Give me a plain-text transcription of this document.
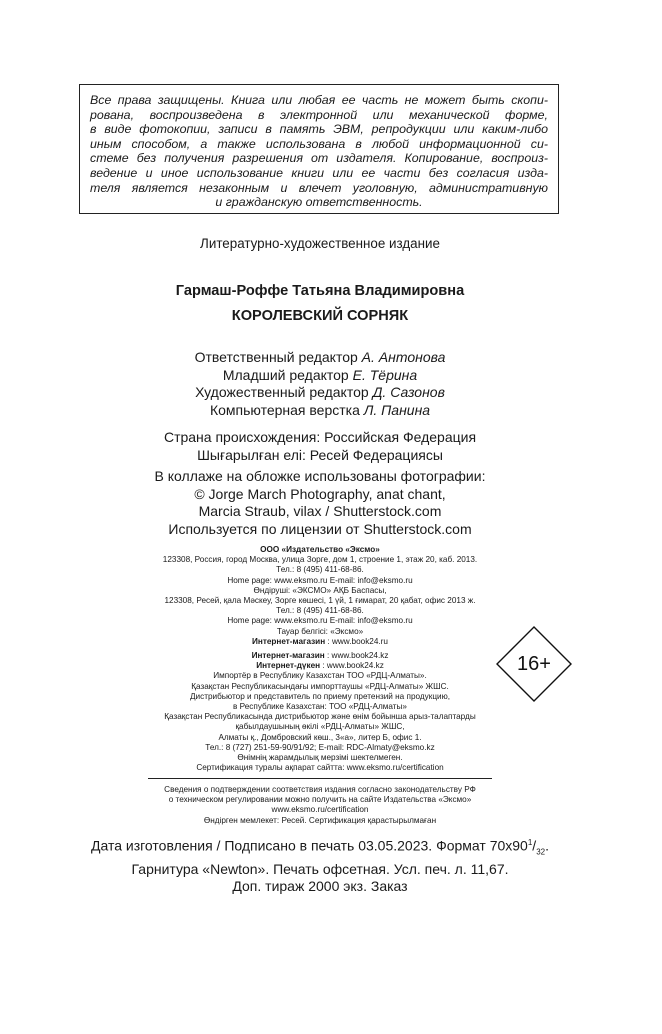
Все права защищены. Книга или любая ее часть не может быть скопи-
рована, воспроизведена в электронной или механической форме,
в виде фотокопии, записи в память ЭВМ, репродукции или каким-либо
иным способом, а также использована в любой информационной си-
стеме без получения разрешения от издателя. Копирование, воспроиз-
ведение и иное использование книги или ее части без согласия изда-
теля является незаконным и влечет уголовную, административную
и гражданскую ответственность.
Литературно-художественное издание
Гармаш-Роффе Татьяна Владимировна
КОРОЛЕВСКИЙ СОРНЯК
Ответственный редактор А. Антонова
Младший редактор Е. Тёрина
Художественный редактор Д. Сазонов
Компьютерная верстка Л. Панина
Страна происхождения: Российская Федерация
Шығарылған елі: Ресей Федерациясы
В коллаже на обложке использованы фотографии:
© Jorge March Photography, anat chant,
Marcia Straub, vilax / Shutterstock.com
Используется по лицензии от Shutterstock.com
ООО «Издательство «Эксмо»
123308, Россия, город Москва, улица Зорге, дом 1, строение 1, этаж 20, каб. 2013.
Тел.: 8 (495) 411-68-86.
Home page: www.eksmo.ru E-mail: info@eksmo.ru
Өндіруші: «ЭКСМО» АҚБ Баспасы,
123308, Ресей, қала Мәскеу, Зорге көшесі, 1 үй, 1 ғимарат, 20 қабат, офис 2013 ж.
Тел.: 8 (495) 411-68-86.
Home page: www.eksmo.ru E-mail: info@eksmo.ru
Тауар белгісі: «Эксмо»
Интернет-магазин : www.book24.ru
Интернет-магазин : www.book24.kz
Интернет-дүкен : www.book24.kz
Импортёр в Республику Казахстан ТОО «РДЦ-Алматы».
Қазақстан Республикасындағы импорттаушы «РДЦ-Алматы» ЖШС.
Дистрибьютор и представитель по приему претензий на продукцию,
в Республике Казахстан: ТОО «РДЦ-Алматы»
Қазақстан Республикасында дистрибьютор және өнім бойынша арыз-талаптарды
қабылдаушының өкілі «РДЦ-Алматы» ЖШС,
Алматы қ., Домбровский көш., 3«а», литер Б, офис 1.
Тел.: 8 (727) 251-59-90/91/92; E-mail: RDC-Almaty@eksmo.kz
Өнімнің жарамдылық мерзімі шектелмеген.
Сертификация туралы ақпарат сайтта: www.eksmo.ru/certification
16+
Сведения о подтверждении соответствия издания согласно законодательству РФ
о техническом регулировании можно получить на сайте Издательства «Эксмо»
www.eksmo.ru/certification
Өндірген мемлекет: Ресей. Сертификация қарастырылмаған
Дата изготовления / Подписано в печать 03.05.2023. Формат $70х90^1/_{32}$.
Гарнитура «Newton». Печать офсетная. Усл. печ. л. 11,67.
Доп. тираж 2000 экз. Заказ
